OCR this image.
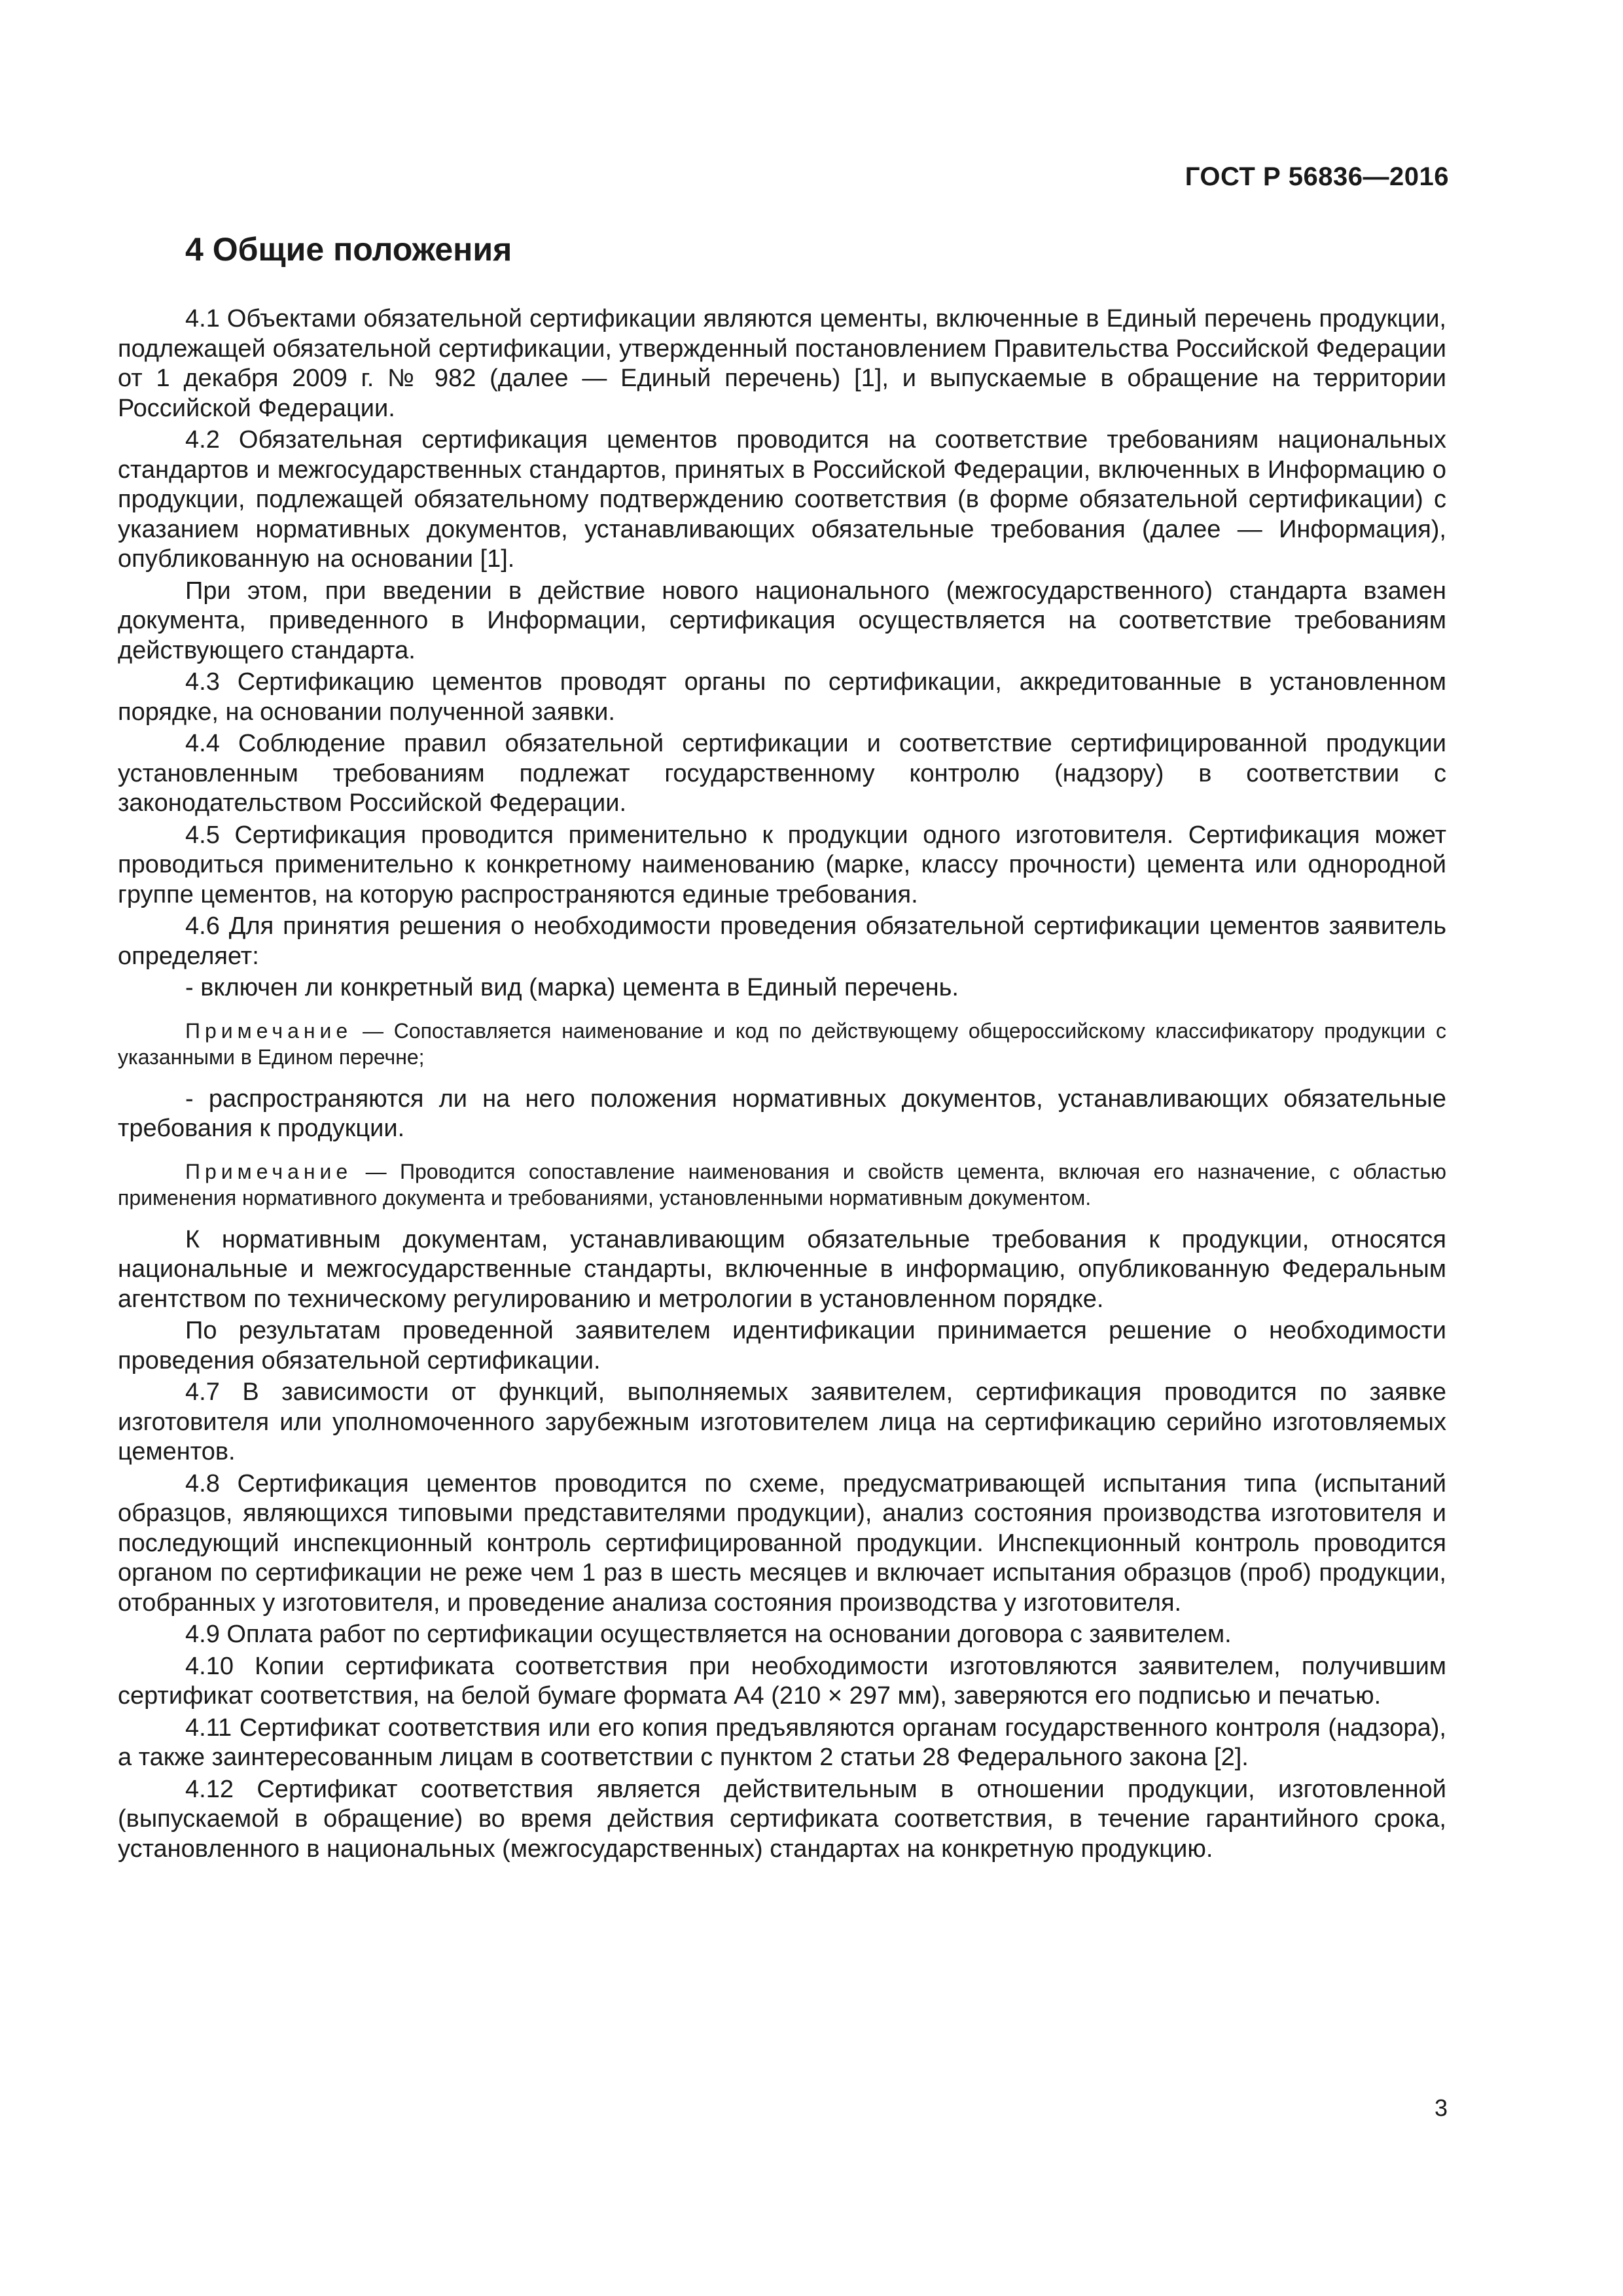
ГОСТ Р 56836—2016
4 Общие положения

4.1 Объектами обязательной сертификации являются цементы, включенные в Единый перечень продукции, подлежащей обязательной сертификации, утвержденный постановлением Правительства Российской Федерации от 1 декабря 2009 г. № 982 (далее — Единый перечень) [1], и выпускаемые в обращение на территории Российской Федерации.

4.2 Обязательная сертификация цементов проводится на соответствие требованиям национальных стандартов и межгосударственных стандартов, принятых в Российской Федерации, включенных в Информацию о продукции, подлежащей обязательному подтверждению соответствия (в форме обязательной сертификации) с указанием нормативных документов, устанавливающих обязательные требования (далее — Информация), опубликованную на основании [1].

При этом, при введении в действие нового национального (межгосударственного) стандарта взамен документа, приведенного в Информации, сертификация осуществляется на соответствие требованиям действующего стандарта.

4.3 Сертификацию цементов проводят органы по сертификации, аккредитованные в установленном порядке, на основании полученной заявки.

4.4 Соблюдение правил обязательной сертификации и соответствие сертифицированной продукции установленным требованиям подлежат государственному контролю (надзору) в соответствии с законодательством Российской Федерации.

4.5 Сертификация проводится применительно к продукции одного изготовителя. Сертификация может проводиться применительно к конкретному наименованию (марке, классу прочности) цемента или однородной группе цементов, на которую распространяются единые требования.

4.6 Для принятия решения о необходимости проведения обязательной сертификации цементов заявитель определяет:

- включен ли конкретный вид (марка) цемента в Единый перечень.

Примечание — Сопоставляется наименование и код по действующему общероссийскому классификатору продукции с указанными в Едином перечне;

- распространяются ли на него положения нормативных документов, устанавливающих обязательные требования к продукции.

Примечание — Проводится сопоставление наименования и свойств цемента, включая его назначение, с областью применения нормативного документа и требованиями, установленными нормативным документом.

К нормативным документам, устанавливающим обязательные требования к продукции, относятся национальные и межгосударственные стандарты, включенные в информацию, опубликованную Федеральным агентством по техническому регулированию и метрологии в установленном порядке.

По результатам проведенной заявителем идентификации принимается решение о необходимости проведения обязательной сертификации.

4.7 В зависимости от функций, выполняемых заявителем, сертификация проводится по заявке изготовителя или уполномоченного зарубежным изготовителем лица на сертификацию серийно изготовляемых цементов.

4.8 Сертификация цементов проводится по схеме, предусматривающей испытания типа (испытаний образцов, являющихся типовыми представителями продукции), анализ состояния производства изготовителя и последующий инспекционный контроль сертифицированной продукции. Инспекционный контроль проводится органом по сертификации не реже чем 1 раз в шесть месяцев и включает испытания образцов (проб) продукции, отобранных у изготовителя, и проведение анализа состояния производства у изготовителя.

4.9 Оплата работ по сертификации осуществляется на основании договора с заявителем.

4.10 Копии сертификата соответствия при необходимости изготовляются заявителем, получившим сертификат соответствия, на белой бумаге формата А4 (210 × 297 мм), заверяются его подписью и печатью.

4.11 Сертификат соответствия или его копия предъявляются органам государственного контроля (надзора), а также заинтересованным лицам в соответствии с пунктом 2 статьи 28 Федерального закона [2].

4.12 Сертификат соответствия является действительным в отношении продукции, изготовленной (выпускаемой в обращение) во время действия сертификата соответствия, в течение гарантийного срока, установленного в национальных (межгосударственных) стандартах на конкретную продукцию.

3
